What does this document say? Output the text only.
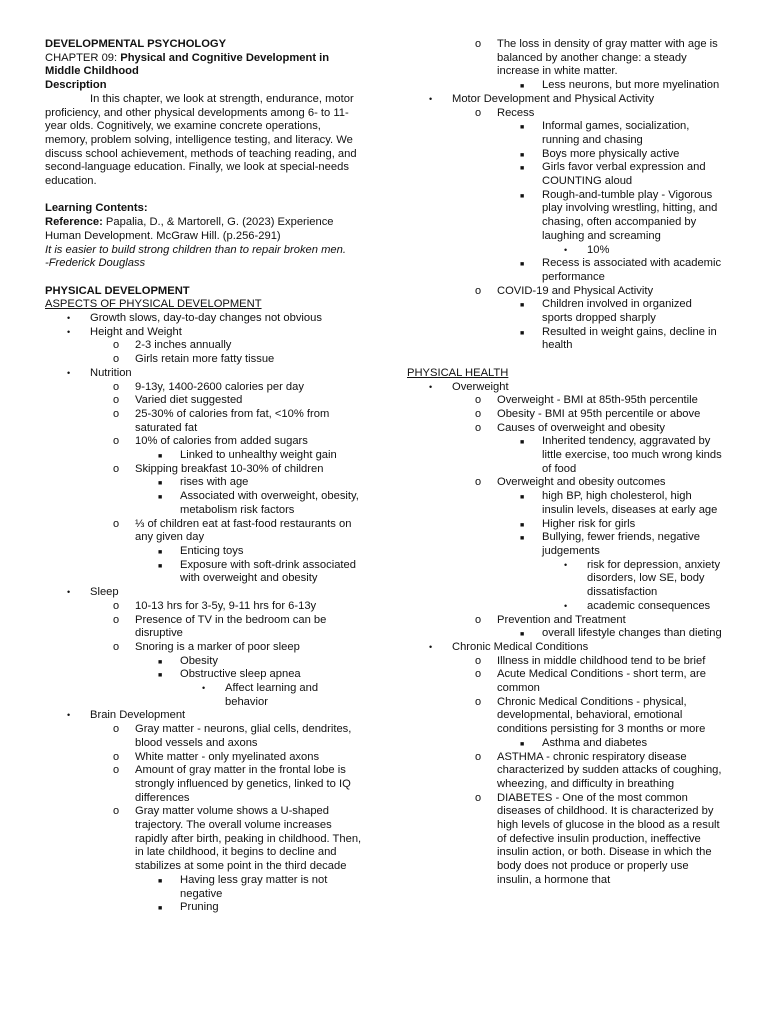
DEVELOPMENTAL PSYCHOLOGY
CHAPTER 09: Physical and Cognitive Development in Middle Childhood
Description
In this chapter, we look at strength, endurance, motor proficiency, and other physical developments among 6- to 11-year olds. Cognitively, we examine concrete operations, memory, problem solving, intelligence testing, and literacy. We discuss school achievement, methods of teaching reading, and second-language education. Finally, we look at special-needs education.
Learning Contents:
Reference: Papalia, D., & Martorell, G. (2023) Experience Human Development. McGraw Hill. (p.256-291)
It is easier to build strong children than to repair broken men.
-Frederick Douglass
PHYSICAL DEVELOPMENT
ASPECTS OF PHYSICAL DEVELOPMENT
•	Growth slows, day-to-day changes not obvious
•	Height and Weight
o	2-3 inches annually
o	Girls retain more fatty tissue
•	Nutrition
o	9-13y, 1400-2600 calories per day
o	Varied diet suggested
o	25-30% of calories from fat, <10% from saturated fat
o	10% of calories from added sugars
■	Linked to unhealthy weight gain
o	Skipping breakfast 10-30% of children
■	rises with age
■	Associated with overweight, obesity, metabolism risk factors
o	⅓ of children eat at fast-food restaurants on any given day
■	Enticing toys
■	Exposure with soft-drink associated with overweight and obesity
•	Sleep
o	10-13 hrs for 3-5y, 9-11 hrs for 6-13y
o	Presence of TV in the bedroom can be disruptive
o	Snoring is a marker of poor sleep
■	Obesity
■	Obstructive sleep apnea
•	Affect learning and behavior
•	Brain Development
o	Gray matter - neurons, glial cells, dendrites, blood vessels and axons
o	White matter - only myelinated axons
o	Amount of gray matter in the frontal lobe is strongly influenced by genetics, linked to IQ differences
o	Gray matter volume shows a U-shaped trajectory. The overall volume increases rapidly after birth, peaking in childhood. Then, in late childhood, it begins to decline and stabilizes at some point in the third decade
■	Having less gray matter is not negative
■	Pruning
o	The loss in density of gray matter with age is balanced by another change: a steady increase in white matter.
■	Less neurons, but more myelination
•	Motor Development and Physical Activity
o	Recess
■	Informal games, socialization, running and chasing
■	Boys more physically active
■	Girls favor verbal expression and COUNTING aloud
■	Rough-and-tumble play - Vigorous play involving wrestling, hitting, and chasing, often accompanied by laughing and screaming
•	10%
■	Recess is associated with academic performance
o	COVID-19 and Physical Activity
■	Children involved in organized sports dropped sharply
■	Resulted in weight gains, decline in health
PHYSICAL HEALTH
•	Overweight
o	Overweight - BMI at 85th-95th percentile
o	Obesity - BMI at 95th percentile or above
o	Causes of overweight and obesity
■	Inherited tendency, aggravated by little exercise, too much wrong kinds of food
o	Overweight and obesity outcomes
■	high BP, high cholesterol, high insulin levels, diseases at early age
■	Higher risk for girls
■	Bullying, fewer friends, negative judgements
•	risk for depression, anxiety disorders, low SE, body dissatisfaction
•	academic consequences
o	Prevention and Treatment
■	overall lifestyle changes than dieting
•	Chronic Medical Conditions
o	Illness in middle childhood tend to be brief
o	Acute Medical Conditions - short term, are common
o	Chronic Medical Conditions - physical, developmental, behavioral, emotional conditions persisting for 3 months or more
■	Asthma and diabetes
o	ASTHMA - chronic respiratory disease characterized by sudden attacks of coughing, wheezing, and difficulty in breathing
o	DIABETES - One of the most common diseases of childhood. It is characterized by high levels of glucose in the blood as a result of defective insulin production, ineffective insulin action, or both. Disease in which the body does not produce or properly use insulin, a hormone that
